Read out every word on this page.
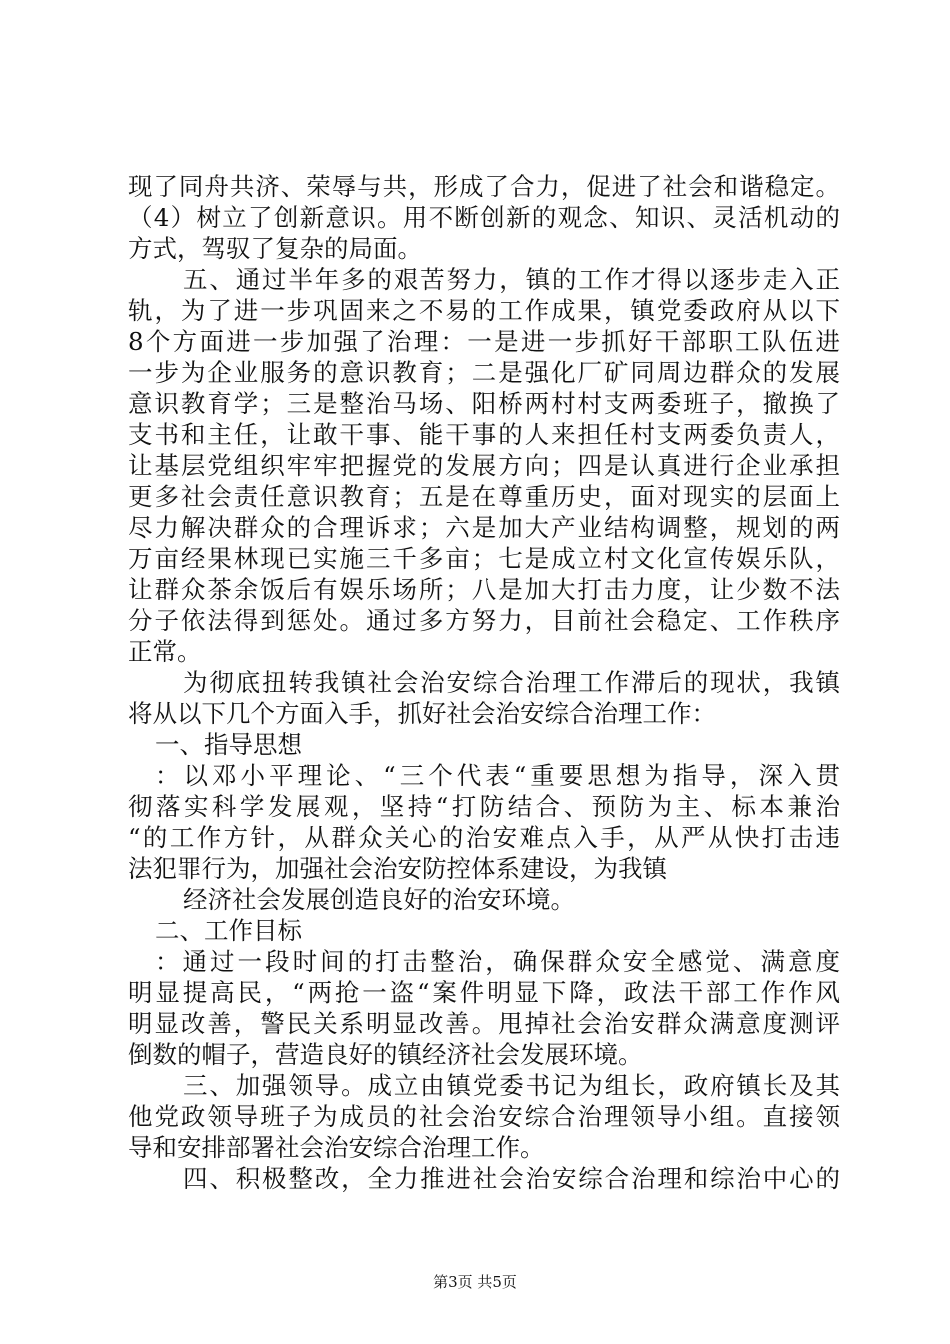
现了同舟共济、荣辱与共，形成了合力，促进了社会和谐稳定。
（4）树立了创新意识。用不断创新的观念、知识、灵活机动的
方式，驾驭了复杂的局面。
五、通过半年多的艰苦努力，镇的工作才得以逐步走入正
轨，为了进一步巩固来之不易的工作成果，镇党委政府从以下
8个方面进一步加强了治理：一是进一步抓好干部职工队伍进
一步为企业服务的意识教育；二是强化厂矿同周边群众的发展
意识教育学；三是整治马场、阳桥两村村支两委班子，撤换了
支书和主任，让敢干事、能干事的人来担任村支两委负责人，
让基层党组织牢牢把握党的发展方向；四是认真进行企业承担
更多社会责任意识教育；五是在尊重历史，面对现实的层面上
尽力解决群众的合理诉求；六是加大产业结构调整，规划的两
万亩经果林现已实施三千多亩；七是成立村文化宣传娱乐队，
让群众茶余饭后有娱乐场所；八是加大打击力度，让少数不法
分子依法得到惩处。通过多方努力，目前社会稳定、工作秩序
正常。
为彻底扭转我镇社会治安综合治理工作滞后的现状，我镇
将从以下几个方面入手，抓好社会治安综合治理工作：
一、指导思想
：以邓小平理论、“三个代表“重要思想为指导，深入贯
彻落实科学发展观，坚持“打防结合、预防为主、标本兼治
“的工作方针，从群众关心的治安难点入手，从严从快打击违
法犯罪行为，加强社会治安防控体系建设，为我镇
经济社会发展创造良好的治安环境。
二、工作目标
：通过一段时间的打击整治，确保群众安全感觉、满意度
明显提高民，“两抢一盗“案件明显下降，政法干部工作作风
明显改善，警民关系明显改善。甩掉社会治安群众满意度测评
倒数的帽子，营造良好的镇经济社会发展环境。
三、加强领导。成立由镇党委书记为组长，政府镇长及其
他党政领导班子为成员的社会治安综合治理领导小组。直接领
导和安排部署社会治安综合治理工作。
四、积极整改，全力推进社会治安综合治理和综治中心的
第3页 共5页
